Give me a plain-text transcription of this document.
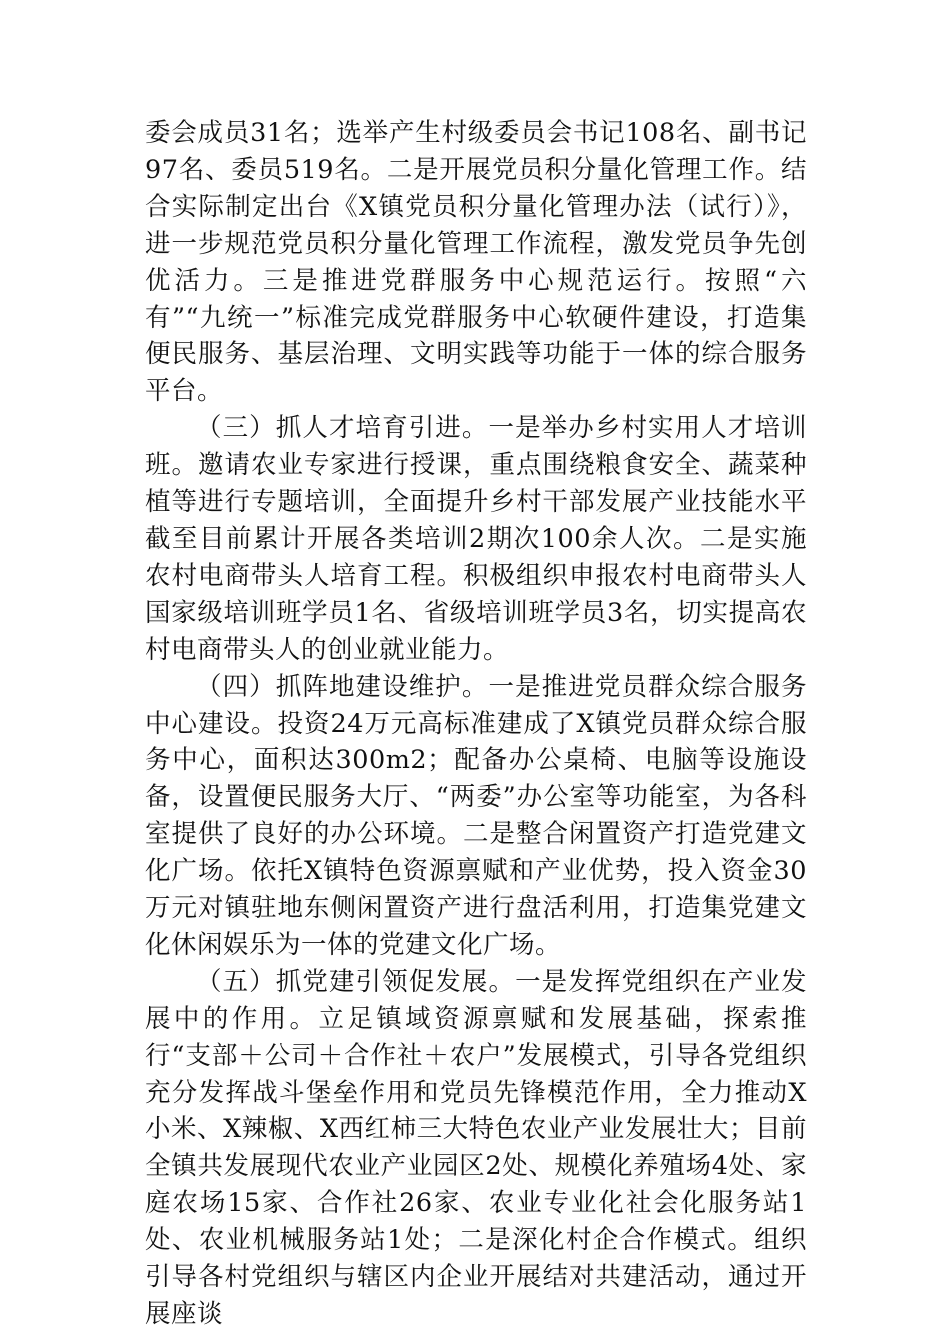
委会成员31名；选举产生村级委员会书记108名、副书记97名、委员519名。二是开展党员积分量化管理工作。结合实际制定出台《X镇党员积分量化管理办法（试行）》，进一步规范党员积分量化管理工作流程，激发党员争先创优活力。三是推进党群服务中心规范运行。按照“六有”“九统一”标准完成党群服务中心软硬件建设，打造集便民服务、基层治理、文明实践等功能于一体的综合服务平台。

（三）抓人才培育引进。一是举办乡村实用人才培训班。邀请农业专家进行授课，重点围绕粮食安全、蔬菜种植等进行专题培训，全面提升乡村干部发展产业技能水平截至目前累计开展各类培训2期次100余人次。二是实施农村电商带头人培育工程。积极组织申报农村电商带头人国家级培训班学员1名、省级培训班学员3名，切实提高农村电商带头人的创业就业能力。

（四）抓阵地建设维护。一是推进党员群众综合服务中心建设。投资24万元高标准建成了X镇党员群众综合服务中心，面积达300m2；配备办公桌椅、电脑等设施设备，设置便民服务大厅、“两委”办公室等功能室，为各科室提供了良好的办公环境。二是整合闲置资产打造党建文化广场。依托X镇特色资源禀赋和产业优势，投入资金30万元对镇驻地东侧闲置资产进行盘活利用，打造集党建文化休闲娱乐为一体的党建文化广场。

（五）抓党建引领促发展。一是发挥党组织在产业发展中的作用。立足镇域资源禀赋和发展基础，探索推行“支部＋公司＋合作社＋农户”发展模式，引导各党组织充分发挥战斗堡垒作用和党员先锋模范作用，全力推动X小米、X辣椒、X西红柿三大特色农业产业发展壮大；目前全镇共发展现代农业产业园区2处、规模化养殖场4处、家庭农场15家、合作社26家、农业专业化社会化服务站1处、农业机械服务站1处；二是深化村企合作模式。组织引导各村党组织与辖区内企业开展结对共建活动，通过开展座谈
